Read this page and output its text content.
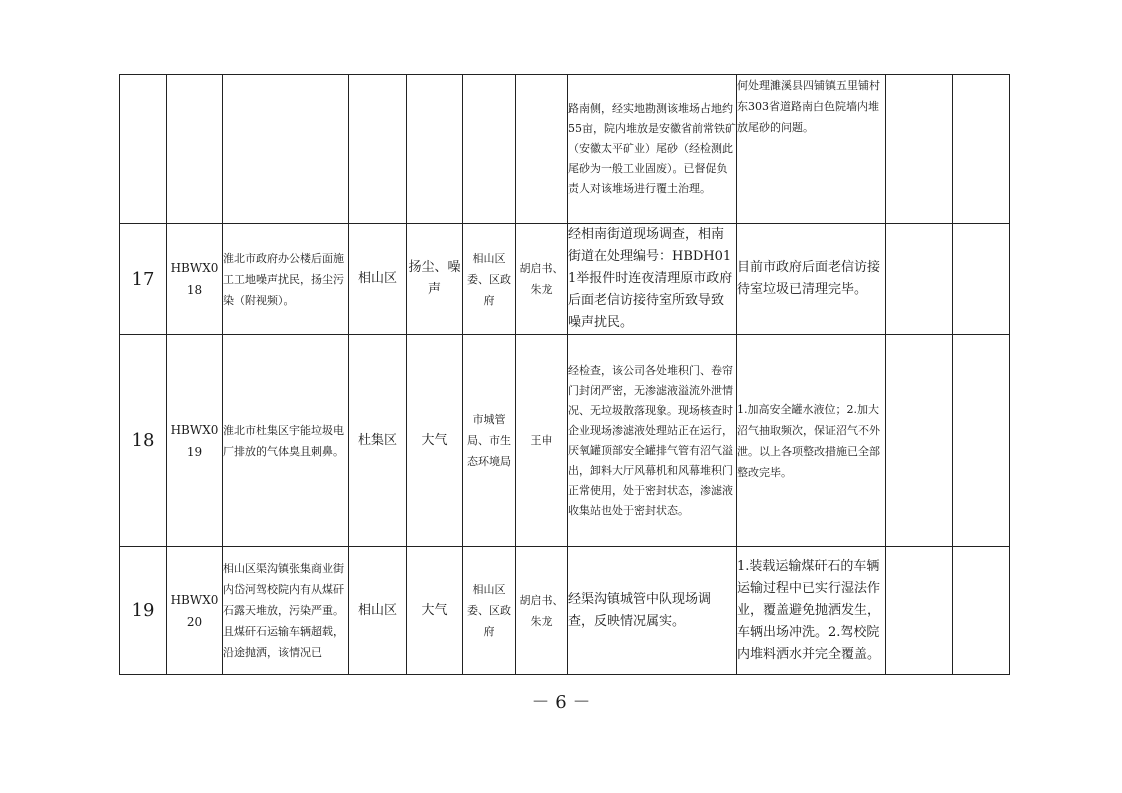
							路南侧，经实地勘测该堆场占地约55亩，院内堆放是安徽省前常铁矿（安徽太平矿业）尾砂（经检测此尾砂为一般工业固废）。已督促负责人对该堆场进行覆土治理。	何处理濉溪县四铺镇五里铺村东303省道路南白色院墙内堆放尾砂的问题。		
17	HBWX018	淮北市政府办公楼后面施工工地噪声扰民，扬尘污染（附视频）。	相山区	扬尘、噪声	相山区委、区政府	胡启书、朱龙	经相南街道现场调查，相南街道在处理编号：HBDH011举报件时连夜清理原市政府后面老信访接待室所致导致噪声扰民。	目前市政府后面老信访接待室垃圾已清理完毕。		
18	HBWX019	淮北市杜集区宇能垃圾电厂排放的气体臭且刺鼻。	杜集区	大气	市城管局、市生态环境局	王申	经检查，该公司各处堆积门、卷帘门封闭严密，无渗滤液溢流外泄情况、无垃圾散落现象。现场核查时企业现场渗滤液处理站正在运行，厌氧罐顶部安全罐排气管有沼气溢出，卸料大厅风幕机和风幕堆积门正常使用，处于密封状态，渗滤液收集站也处于密封状态。	1.加高安全罐水液位；2.加大沼气抽取频次，保证沼气不外泄。以上各项整改措施已全部整改完毕。		
19	HBWX020	相山区渠沟镇张集商业街内岱河驾校院内有从煤矸石露天堆放，污染严重。且煤矸石运输车辆超载，沿途抛洒，该情况已	相山区	大气	相山区委、区政府	胡启书、朱龙	经渠沟镇城管中队现场调查，反映情况属实。	1.装载运输煤矸石的车辆运输过程中已实行湿法作业，覆盖避免抛洒发生，车辆出场冲洗。2.驾校院内堆料洒水并完全覆盖。		
－ 6 －
